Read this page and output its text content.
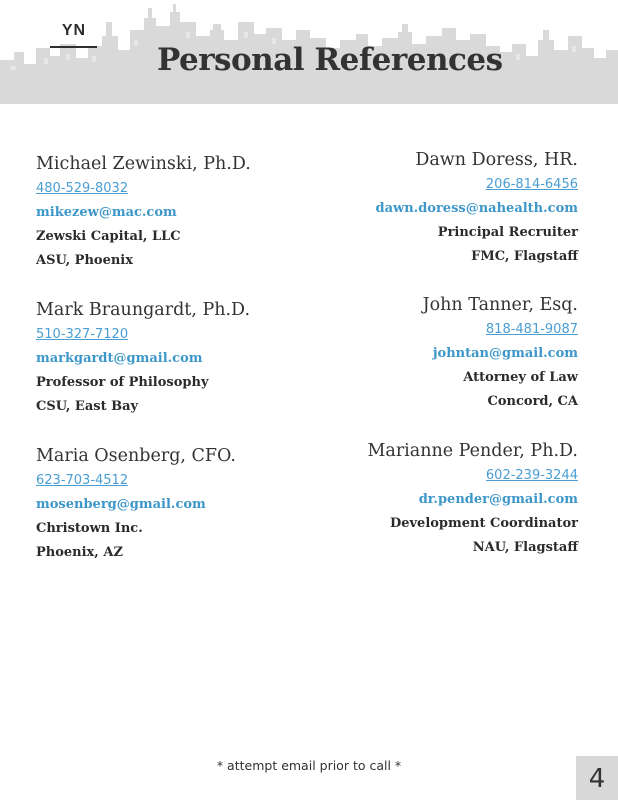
YN
Personal References
Michael Zewinski, Ph.D.
480-529-8032
mikezew@mac.com
Zewski Capital, LLC
ASU, Phoenix
Mark Braungardt, Ph.D.
510-327-7120
markgardt@gmail.com
Professor of Philosophy
CSU, East Bay
Maria Osenberg, CFO.
623-703-4512
mosenberg@gmail.com
Christown Inc.
Phoenix, AZ
Dawn Doress, HR.
206-814-6456
dawn.doress@nahealth.com
Principal Recruiter
FMC, Flagstaff
John Tanner, Esq.
818-481-9087
johntan@gmail.com
Attorney of Law
Concord, CA
Marianne Pender, Ph.D.
602-239-3244
dr.pender@gmail.com
Development Coordinator
NAU, Flagstaff
* attempt email prior to call *	4
